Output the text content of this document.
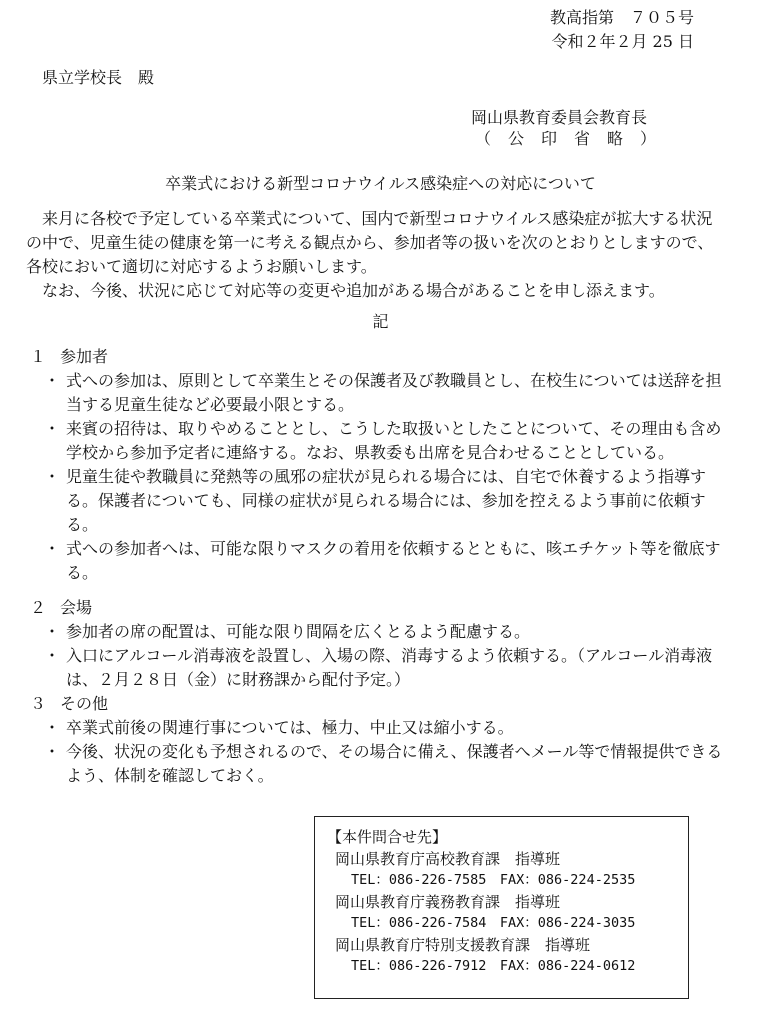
教高指第　７０５号
令和２年２月 25 日
県立学校長　殿
岡山県教育委員会教育長
（　公　印　省　略　）
卒業式における新型コロナウイルス感染症への対応について

来月に各校で予定している卒業式について、国内で新型コロナウイルス感染症が拡大する状況の中で、児童生徒の健康を第一に考える観点から、参加者等の扱いを次のとおりとしますので、各校において適切に対応するようお願いします。

なお、今後、状況に応じて対応等の変更や追加がある場合があることを申し添えます。

記
１ 参加者
・ 式への参加は、原則として卒業生とその保護者及び教職員とし、在校生については送辞を担当する児童生徒など必要最小限とする。
・ 来賓の招待は、取りやめることとし、こうした取扱いとしたことについて、その理由も含め学校から参加予定者に連絡する。なお、県教委も出席を見合わせることとしている。
・ 児童生徒や教職員に発熱等の風邪の症状が見られる場合には、自宅で休養するよう指導する。保護者についても、同様の症状が見られる場合には、参加を控えるよう事前に依頼する。
・ 式への参加者へは、可能な限りマスクの着用を依頼するとともに、咳エチケット等を徹底する。
２ 会場
・ 参加者の席の配置は、可能な限り間隔を広くとるよう配慮する。
・ 入口にアルコール消毒液を設置し、入場の際、消毒するよう依頼する。（アルコール消毒液は、２月２８日（金）に財務課から配付予定。）
３ その他
・ 卒業式前後の関連行事については、極力、中止又は縮小する。
・ 今後、状況の変化も予想されるので、その場合に備え、保護者へメール等で情報提供できるよう、体制を確認しておく。
【本件問合せ先】
岡山県教育庁高校教育課　指導班
TEL：086-226-7585　FAX：086-224-2535
岡山県教育庁義務教育課　指導班
TEL：086-226-7584　FAX：086-224-3035
岡山県教育庁特別支援教育課　指導班
TEL：086-226-7912　FAX：086-224-0612
